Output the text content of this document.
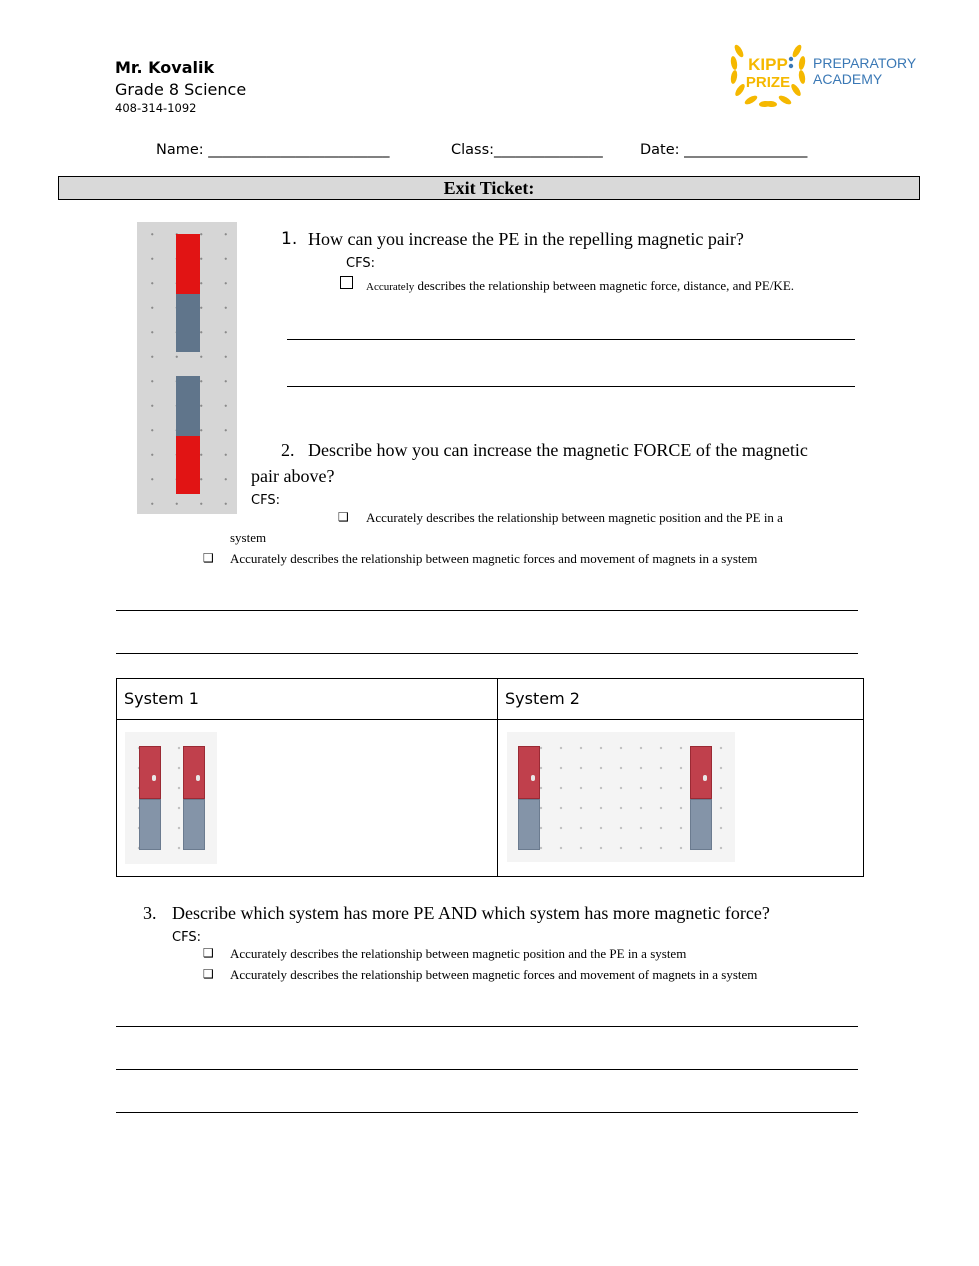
Mr. Kovalik
Grade 8 Science
408-314-1092
KIPP
PRIZE
PREPARATORY
ACADEMY
Name: _________________________	Class:_______________	Date: _________________
Exit Ticket:
1. How can you increase the PE in the repelling magnetic pair?
CFS:
Accurately describes the relationship between magnetic force, distance, and PE/KE.
2. Describe how you can increase the magnetic FORCE of the magnetic
pair above?
CFS:
❑ Accurately describes the relationship between magnetic position and the PE in a
system
❑ Accurately describes the relationship between magnetic forces and movement of magnets in a system
System 1	System 2

3. Describe which system has more PE AND which system has more magnetic force?
CFS:
❑ Accurately describes the relationship between magnetic position and the PE in a system
❑ Accurately describes the relationship between magnetic forces and movement of magnets in a system
